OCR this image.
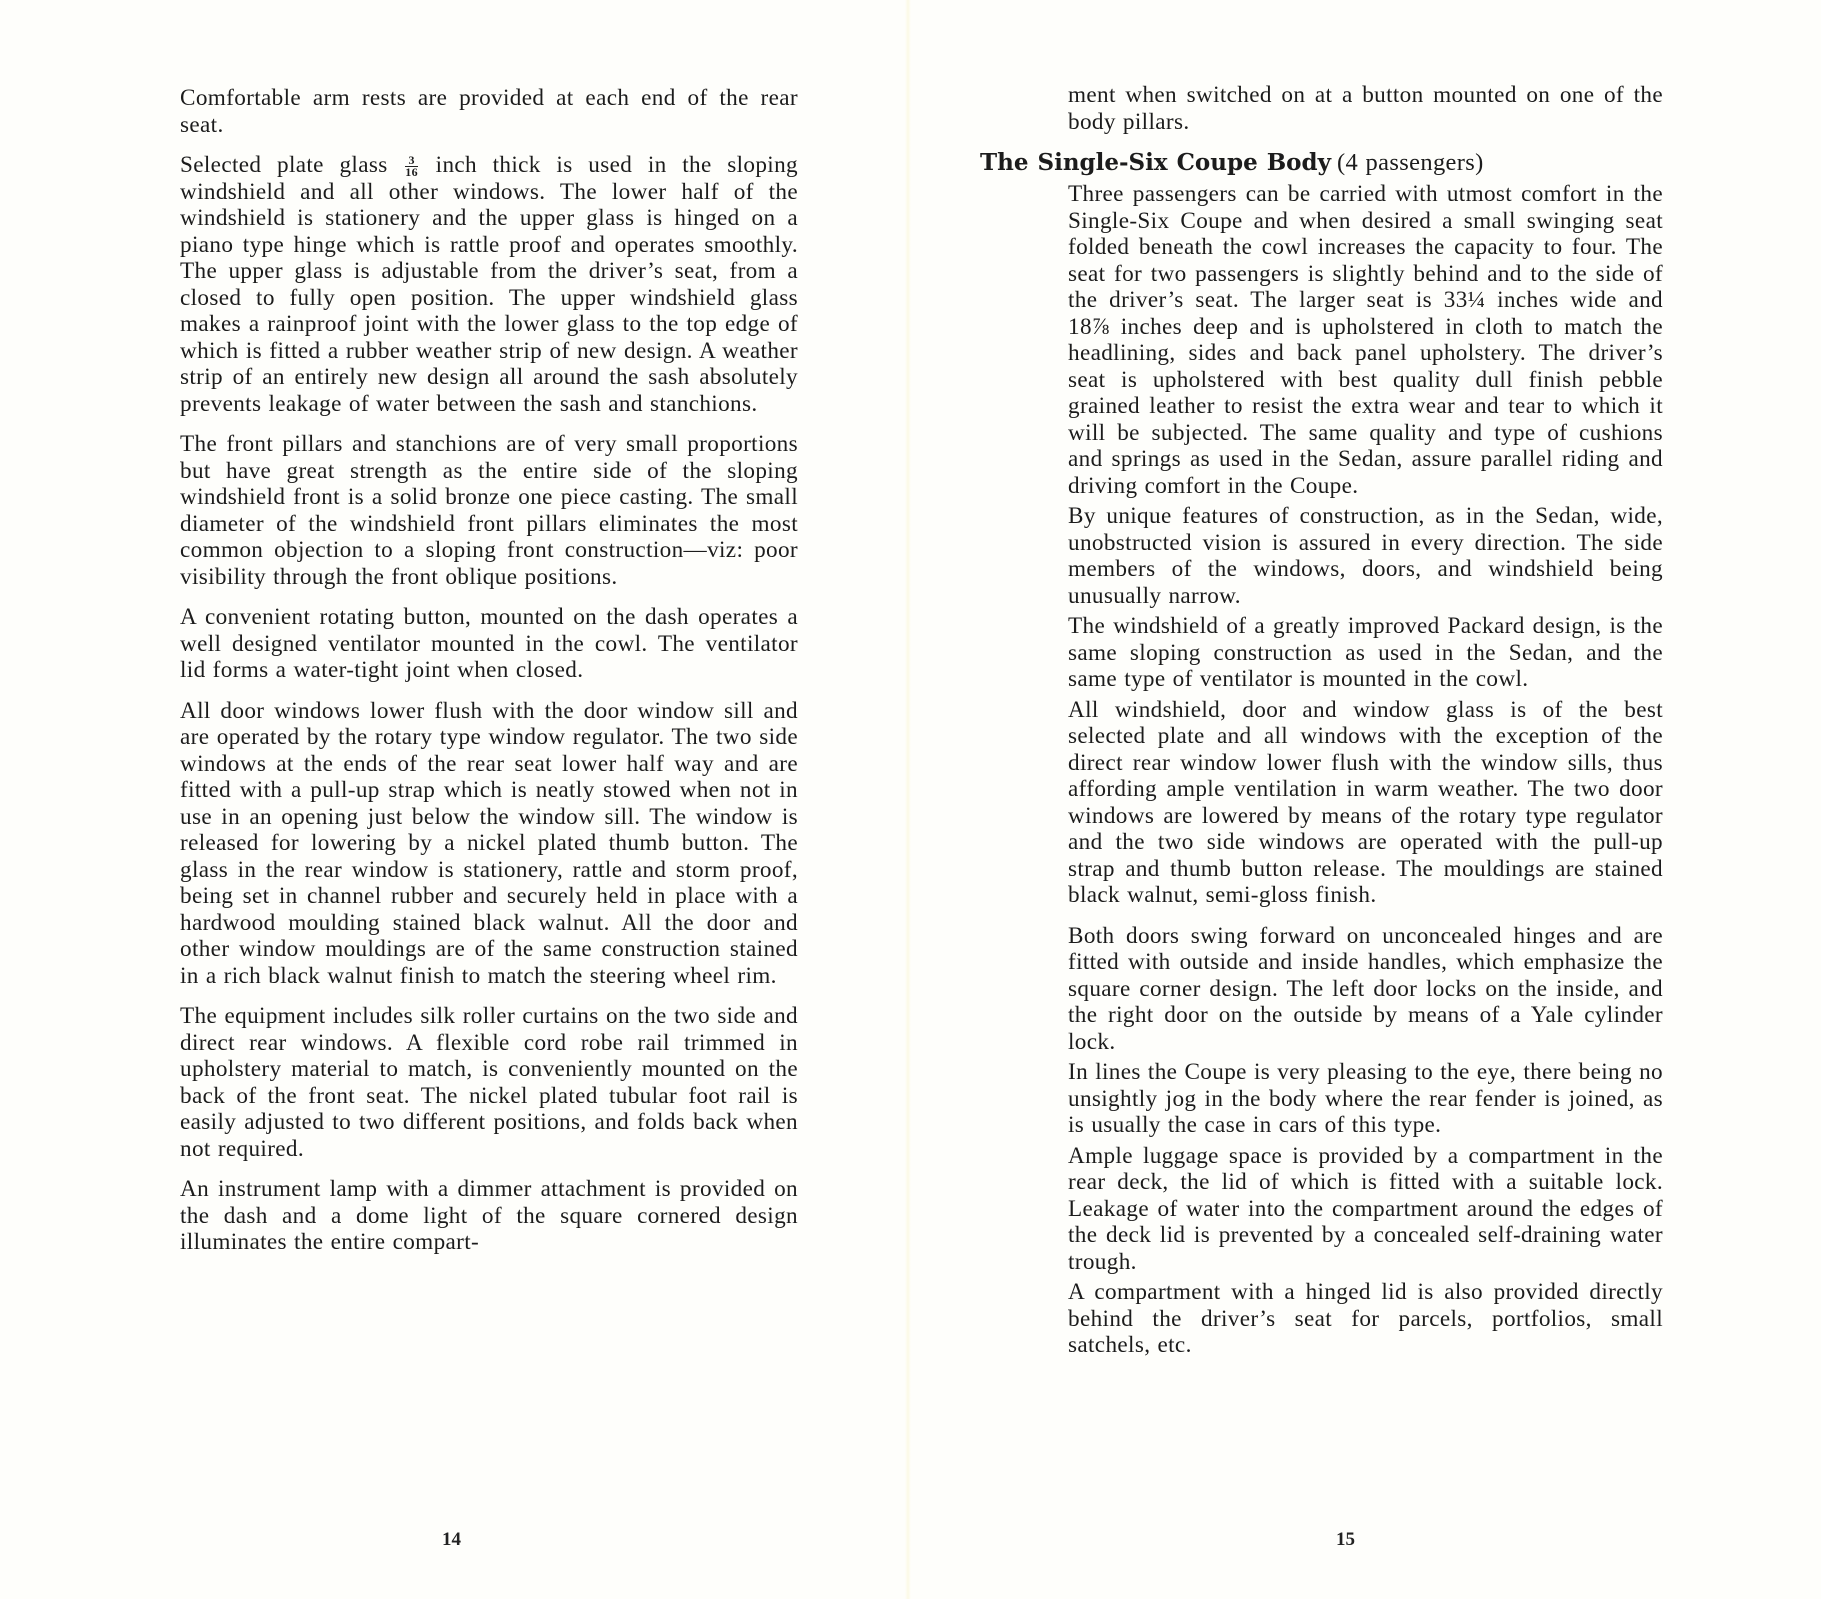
Comfortable arm rests are provided at each end of the rear seat.

Selected plate glass $\frac{3}{16}$ inch thick is used in the sloping windshield and all other windows. The lower half of the windshield is stationery and the upper glass is hinged on a piano type hinge which is rattle proof and operates smoothly. The upper glass is adjustable from the driver’s seat, from a closed to fully open position. The upper windshield glass makes a rainproof joint with the lower glass to the top edge of which is fitted a rubber weather strip of new design. A weather strip of an entirely new design all around the sash absolutely prevents leakage of water between the sash and stanchions.

The front pillars and stanchions are of very small proportions but have great strength as the entire side of the sloping windshield front is a solid bronze one piece casting. The small diameter of the windshield front pillars eliminates the most common objection to a sloping front construction—viz: poor visibility through the front oblique positions.

A convenient rotating button, mounted on the dash operates a well designed ventilator mounted in the cowl. The ventilator lid forms a water-tight joint when closed.

All door windows lower flush with the door window sill and are operated by the rotary type window regulator. The two side windows at the ends of the rear seat lower half way and are fitted with a pull-up strap which is neatly stowed when not in use in an opening just below the window sill. The window is released for lowering by a nickel plated thumb button. The glass in the rear window is stationery, rattle and storm proof, being set in channel rubber and securely held in place with a hardwood moulding stained black walnut. All the door and other window mouldings are of the same construction stained in a rich black walnut finish to match the steering wheel rim.

The equipment includes silk roller curtains on the two side and direct rear windows. A flexible cord robe rail trimmed in upholstery material to match, is conveniently mounted on the back of the front seat. The nickel plated tubular foot rail is easily adjusted to two different positions, and folds back when not required.

An instrument lamp with a dimmer attachment is provided on the dash and a dome light of the square cornered design illuminates the entire compart-

14

ment when switched on at a button mounted on one of the body pillars.

The Single-Six Coupe Body (4 passengers)

Three passengers can be carried with utmost comfort in the Single-Six Coupe and when desired a small swinging seat folded beneath the cowl increases the capacity to four. The seat for two passengers is slightly behind and to the side of the driver’s seat. The larger seat is 33¼ inches wide and 18⅞ inches deep and is upholstered in cloth to match the headlining, sides and back panel upholstery. The driver’s seat is upholstered with best quality dull finish pebble grained leather to resist the extra wear and tear to which it will be subjected. The same quality and type of cushions and springs as used in the Sedan, assure parallel riding and driving comfort in the Coupe.

By unique features of construction, as in the Sedan, wide, unobstructed vision is assured in every direction. The side members of the windows, doors, and windshield being unusually narrow.

The windshield of a greatly improved Packard design, is the same sloping construction as used in the Sedan, and the same type of ventilator is mounted in the cowl.

All windshield, door and window glass is of the best selected plate and all windows with the exception of the direct rear window lower flush with the window sills, thus affording ample ventilation in warm weather. The two door windows are lowered by means of the rotary type regulator and the two side windows are operated with the pull-up strap and thumb button release. The mouldings are stained black walnut, semi-gloss finish.

Both doors swing forward on unconcealed hinges and are fitted with outside and inside handles, which emphasize the square corner design. The left door locks on the inside, and the right door on the outside by means of a Yale cylinder lock.

In lines the Coupe is very pleasing to the eye, there being no unsightly jog in the body where the rear fender is joined, as is usually the case in cars of this type.

Ample luggage space is provided by a compartment in the rear deck, the lid of which is fitted with a suitable lock. Leakage of water into the compartment around the edges of the deck lid is prevented by a concealed self-draining water trough.

A compartment with a hinged lid is also provided directly behind the driver’s seat for parcels, portfolios, small satchels, etc.

15
